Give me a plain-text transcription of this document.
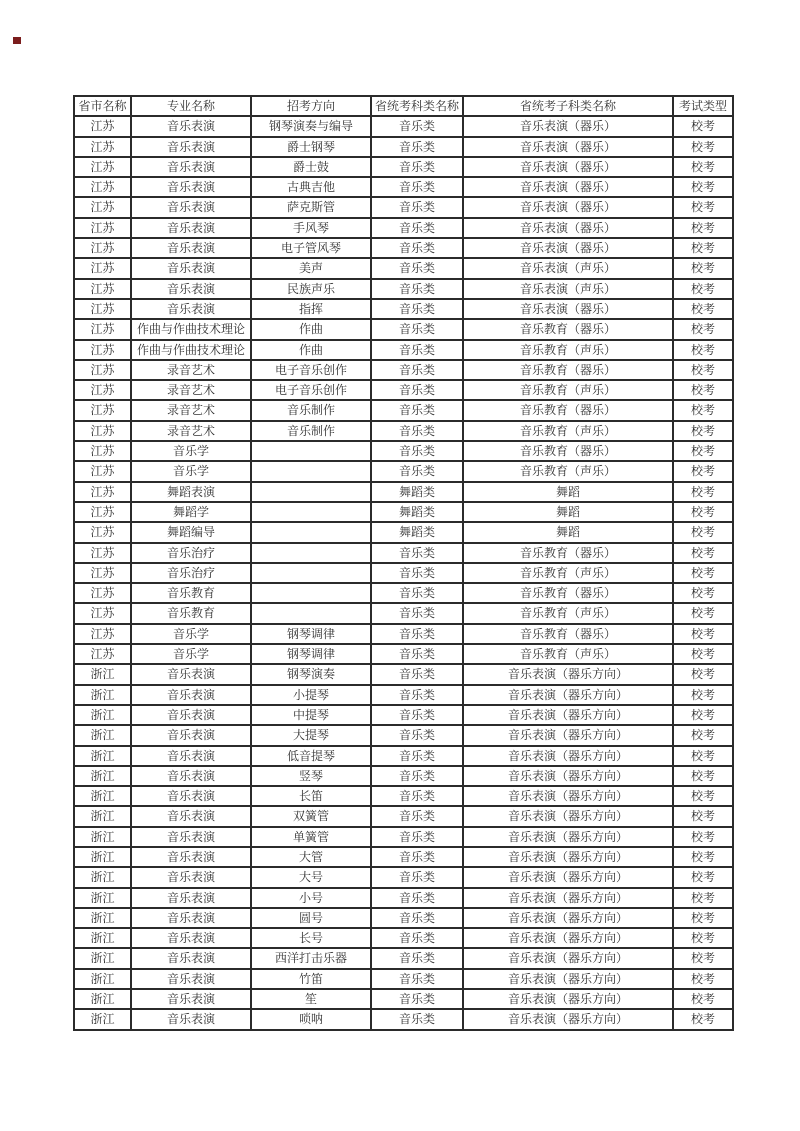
省市名称	专业名称	招考方向	省统考科类名称	省统考子科类名称	考试类型
江苏	音乐表演	钢琴演奏与编导	音乐类	音乐表演（器乐）	校考
江苏	音乐表演	爵士钢琴	音乐类	音乐表演（器乐）	校考
江苏	音乐表演	爵士鼓	音乐类	音乐表演（器乐）	校考
江苏	音乐表演	古典吉他	音乐类	音乐表演（器乐）	校考
江苏	音乐表演	萨克斯管	音乐类	音乐表演（器乐）	校考
江苏	音乐表演	手风琴	音乐类	音乐表演（器乐）	校考
江苏	音乐表演	电子管风琴	音乐类	音乐表演（器乐）	校考
江苏	音乐表演	美声	音乐类	音乐表演（声乐）	校考
江苏	音乐表演	民族声乐	音乐类	音乐表演（声乐）	校考
江苏	音乐表演	指挥	音乐类	音乐表演（器乐）	校考
江苏	作曲与作曲技术理论	作曲	音乐类	音乐教育（器乐）	校考
江苏	作曲与作曲技术理论	作曲	音乐类	音乐教育（声乐）	校考
江苏	录音艺术	电子音乐创作	音乐类	音乐教育（器乐）	校考
江苏	录音艺术	电子音乐创作	音乐类	音乐教育（声乐）	校考
江苏	录音艺术	音乐制作	音乐类	音乐教育（器乐）	校考
江苏	录音艺术	音乐制作	音乐类	音乐教育（声乐）	校考
江苏	音乐学		音乐类	音乐教育（器乐）	校考
江苏	音乐学		音乐类	音乐教育（声乐）	校考
江苏	舞蹈表演		舞蹈类	舞蹈	校考
江苏	舞蹈学		舞蹈类	舞蹈	校考
江苏	舞蹈编导		舞蹈类	舞蹈	校考
江苏	音乐治疗		音乐类	音乐教育（器乐）	校考
江苏	音乐治疗		音乐类	音乐教育（声乐）	校考
江苏	音乐教育		音乐类	音乐教育（器乐）	校考
江苏	音乐教育		音乐类	音乐教育（声乐）	校考
江苏	音乐学	钢琴调律	音乐类	音乐教育（器乐）	校考
江苏	音乐学	钢琴调律	音乐类	音乐教育（声乐）	校考
浙江	音乐表演	钢琴演奏	音乐类	音乐表演（器乐方向）	校考
浙江	音乐表演	小提琴	音乐类	音乐表演（器乐方向）	校考
浙江	音乐表演	中提琴	音乐类	音乐表演（器乐方向）	校考
浙江	音乐表演	大提琴	音乐类	音乐表演（器乐方向）	校考
浙江	音乐表演	低音提琴	音乐类	音乐表演（器乐方向）	校考
浙江	音乐表演	竖琴	音乐类	音乐表演（器乐方向）	校考
浙江	音乐表演	长笛	音乐类	音乐表演（器乐方向）	校考
浙江	音乐表演	双簧管	音乐类	音乐表演（器乐方向）	校考
浙江	音乐表演	单簧管	音乐类	音乐表演（器乐方向）	校考
浙江	音乐表演	大管	音乐类	音乐表演（器乐方向）	校考
浙江	音乐表演	大号	音乐类	音乐表演（器乐方向）	校考
浙江	音乐表演	小号	音乐类	音乐表演（器乐方向）	校考
浙江	音乐表演	圆号	音乐类	音乐表演（器乐方向）	校考
浙江	音乐表演	长号	音乐类	音乐表演（器乐方向）	校考
浙江	音乐表演	西洋打击乐器	音乐类	音乐表演（器乐方向）	校考
浙江	音乐表演	竹笛	音乐类	音乐表演（器乐方向）	校考
浙江	音乐表演	笙	音乐类	音乐表演（器乐方向）	校考
浙江	音乐表演	唢呐	音乐类	音乐表演（器乐方向）	校考
